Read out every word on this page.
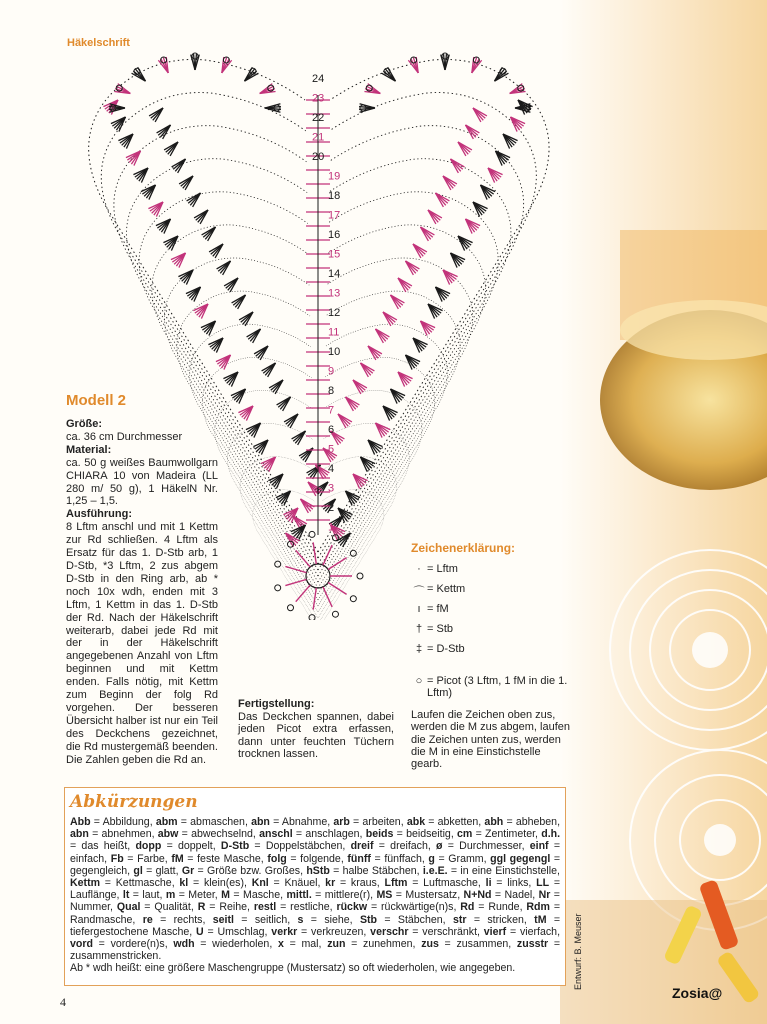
24
23
22
21
20
19
18
17
16
15
14
13
12
11
10
9
8
7
6
5
4
3
2
1
Häkelschrift
Modell 2

Größe:

ca. 36 cm Durchmesser

Material:

ca. 50 g weißes Baumwollgarn CHIARA 10 von Madeira (LL 280 m/ 50 g), 1 HäkelN Nr. 1,25 – 1,5.

Ausführung:

8 Lftm anschl und mit 1 Kettm zur Rd schließen. 4 Lftm als Ersatz für das 1. D-Stb arb, 1 D-Stb, *3 Lftm, 2 zus abgem D-Stb in den Ring arb, ab * noch 10x wdh, enden mit 3 Lftm, 1 Kettm in das 1. D-Stb der Rd. Nach der Häkelschrift weiterarb, dabei jede Rd mit der in der Häkelschrift angegebenen Anzahl von Lftm beginnen und mit Kettm enden. Falls nötig, mit Kettm zum Beginn der folg Rd vorgehen. Der besseren Übersicht halber ist nur ein Teil des Deckchens gezeichnet, die Rd mustergemäß beenden. Die Zahlen geben die Rd an.

Fertigstellung:

Das Deckchen spannen, dabei jeden Picot extra erfassen, dann unter feuchten Tüchern trocknen lassen.

Zeichenerklärung:
· = Lftm
⌒ = Kettm
ı = fM
† = Stb
‡ = D-Stb
○ = Picot (3 Lftm, 1 fM in die 1. Lftm)
Laufen die Zeichen oben zus, werden die M zus abgem, laufen die Zeichen unten zus, werden die M in eine Einstichstelle gearb.
Abkürzungen
Abb = Abbildung, abm = abmaschen, abn = Abnahme, arb = arbeiten, abk = abketten, abh = abheben, abn = abnehmen, abw = abwechselnd, anschl = anschlagen, beids = beidseitig, cm = Zentimeter, d.h. = das heißt, dopp = doppelt, D-Stb = Doppelstäbchen, dreif = dreifach, ø = Durchmesser, einf = einfach, Fb = Farbe, fM = feste Masche, folg = folgende, fünff = fünffach, g = Gramm, ggl gegengl = gegengleich, gl = glatt, Gr = Größe bzw. Großes, hStb = halbe Stäbchen, i.e.E. = in eine Einstichstelle, Kettm = Kettmasche, kl = klein(es), Knl = Knäuel, kr = kraus, Lftm = Luftmasche, li = links, LL = Lauflänge, lt = laut, m = Meter, M = Masche, mittl. = mittlere(r), MS = Mustersatz, N+Nd = Nadel, Nr = Nummer, Qual = Qualität, R = Reihe, restl = restliche, rückw = rückwärtige(n)s, Rd = Runde, Rdm = Randmasche, re = rechts, seitl = seitlich, s = siehe, Stb = Stäbchen, str = stricken, tM = tiefergestochene Masche, U = Umschlag, verkr = verkreuzen, verschr = verschränkt, vierf = vierfach, vord = vordere(n)s, wdh = wiederholen, x = mal, zun = zunehmen, zus = zusammen, zusstr = zusammenstricken.
Ab * wdh heißt: eine größere Maschengruppe (Mustersatz) so oft wiederholen, wie angegeben.	Entwurf: B. Meuser
4
Zosia@
